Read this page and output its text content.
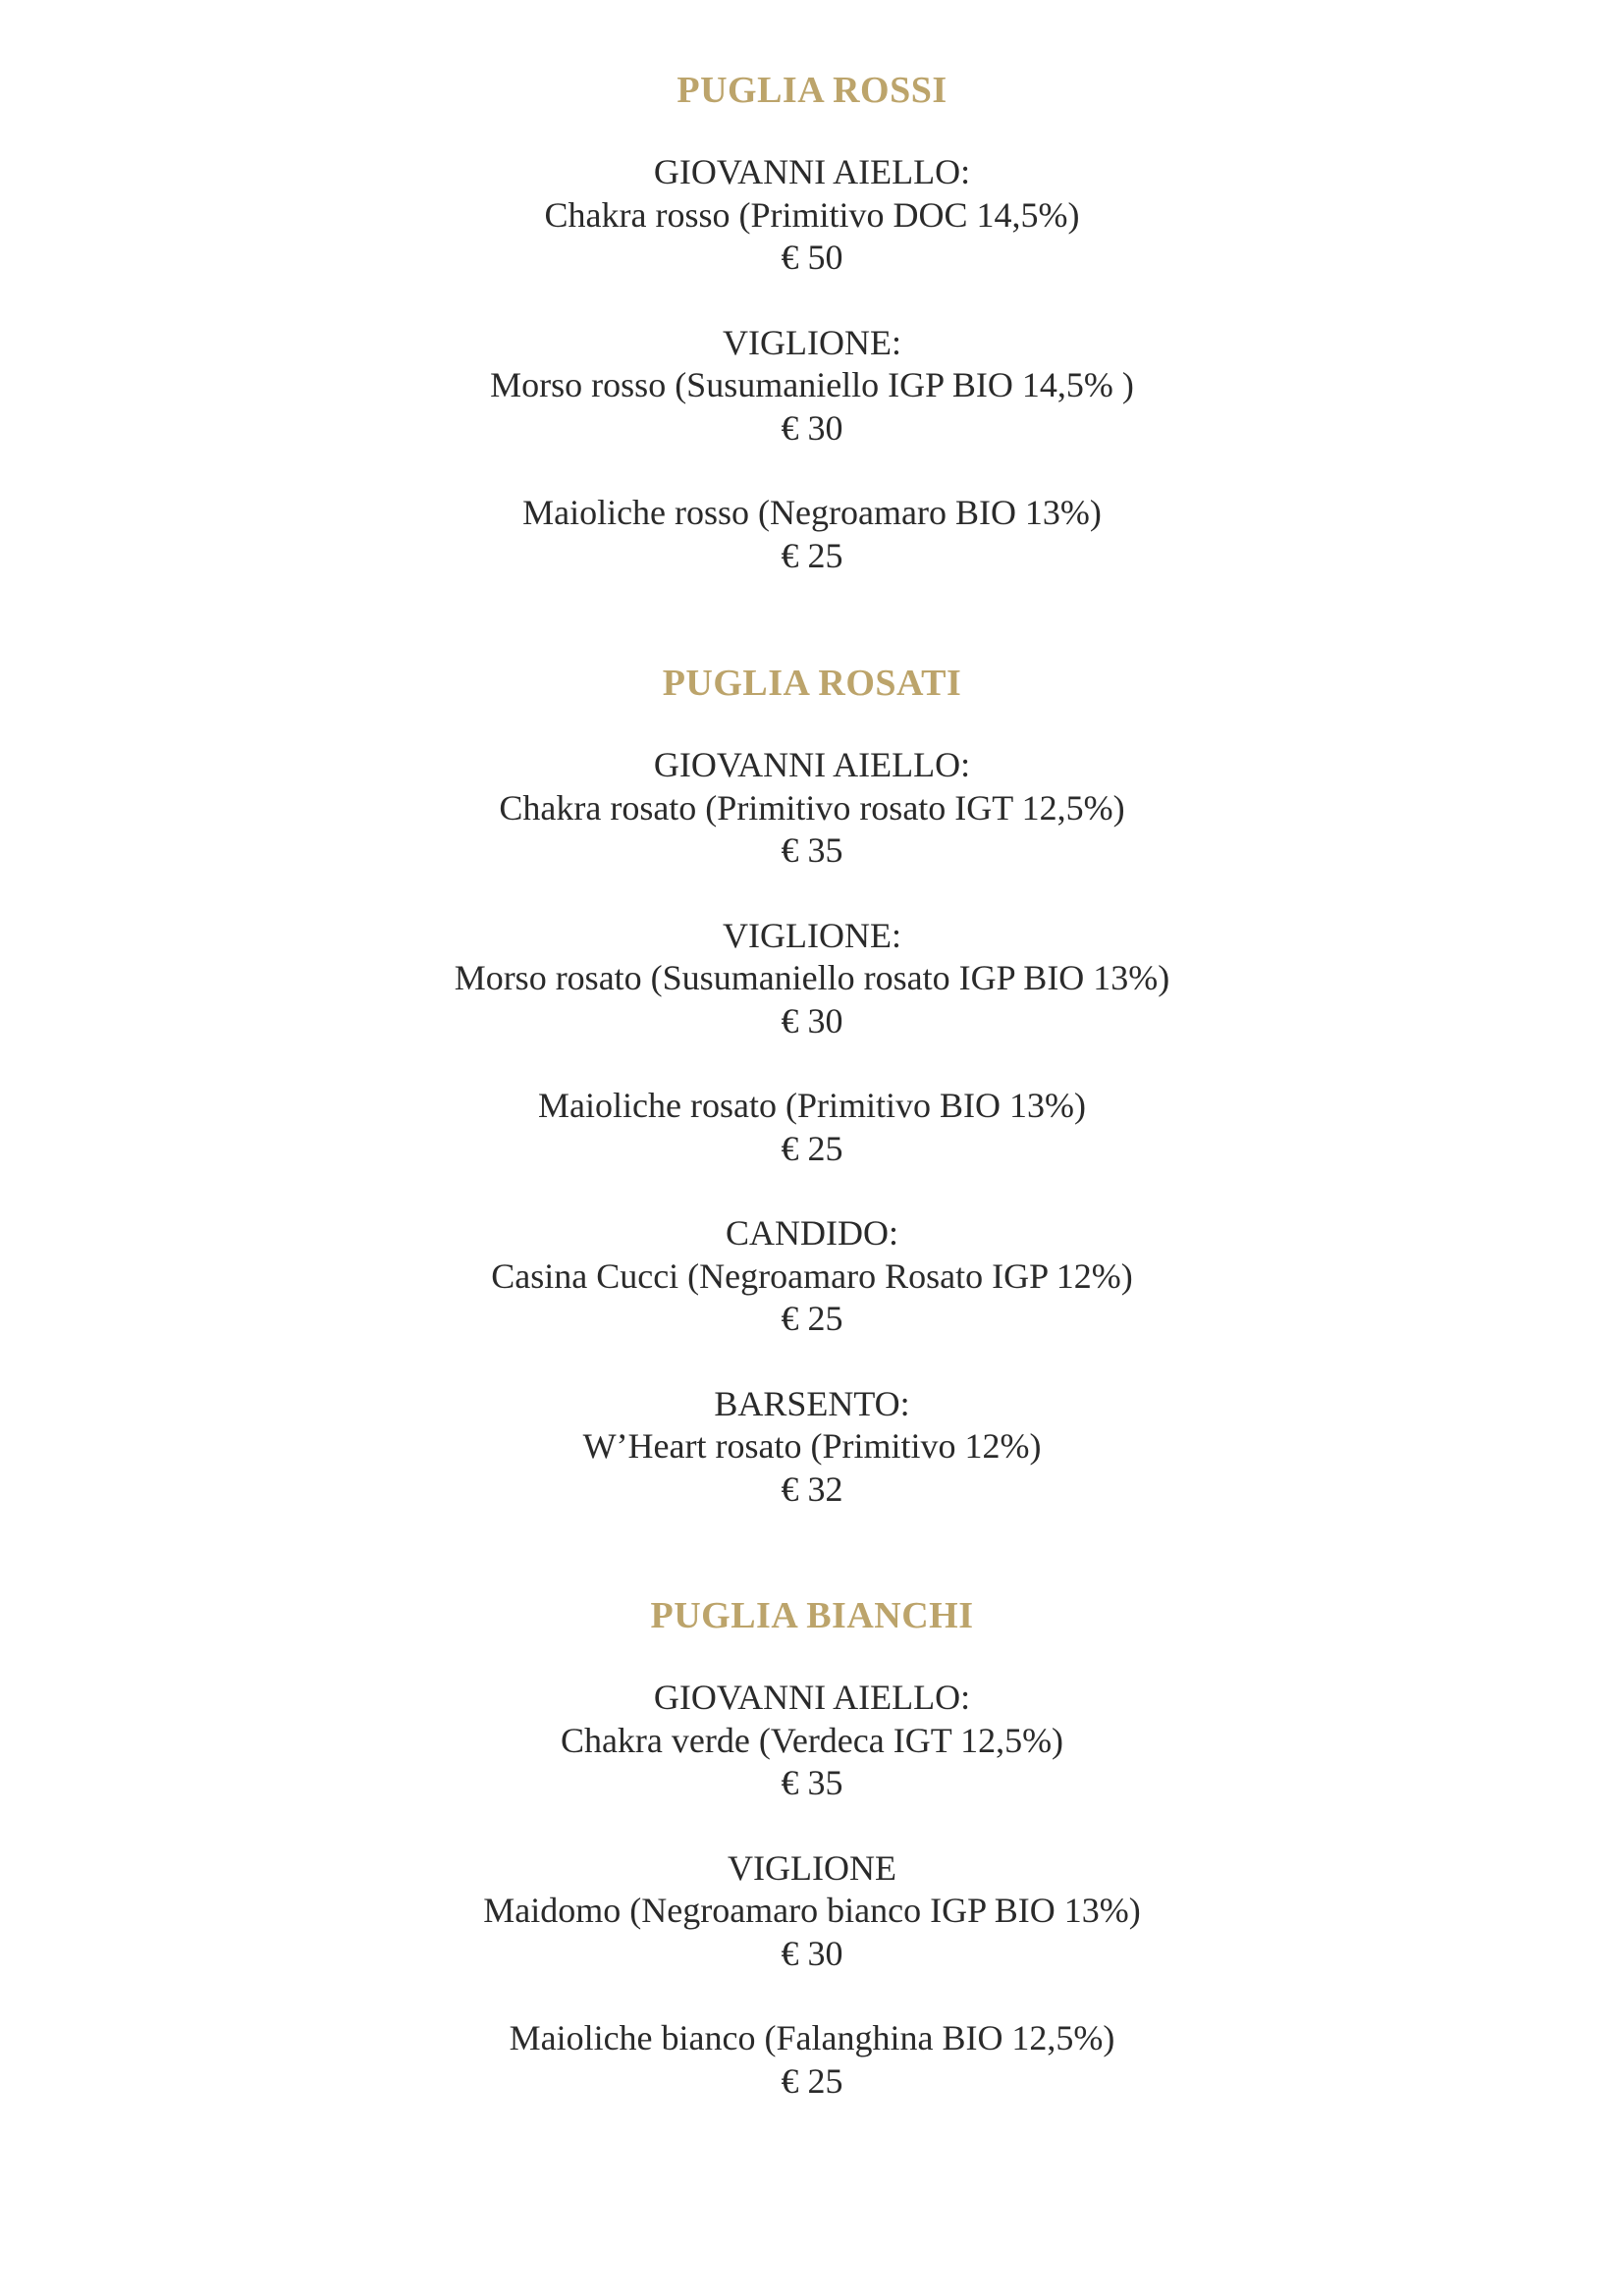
PUGLIA ROSSI
GIOVANNI AIELLO:
Chakra rosso (Primitivo DOC 14,5%)
€ 50
VIGLIONE:
Morso rosso (Susumaniello IGP BIO 14,5% )
€ 30
Maioliche rosso (Negroamaro BIO 13%)
€ 25
PUGLIA ROSATI
GIOVANNI AIELLO:
Chakra rosato (Primitivo rosato IGT 12,5%)
€ 35
VIGLIONE:
Morso rosato (Susumaniello rosato IGP BIO 13%)
€ 30
Maioliche rosato (Primitivo BIO 13%)
€ 25
CANDIDO:
Casina Cucci (Negroamaro Rosato IGP 12%)
€ 25
BARSENTO:
W’Heart rosato (Primitivo 12%)
€ 32
PUGLIA BIANCHI
GIOVANNI AIELLO:
Chakra verde (Verdeca IGT 12,5%)
€ 35
VIGLIONE
Maidomo (Negroamaro bianco IGP BIO 13%)
€ 30
Maioliche bianco (Falanghina BIO 12,5%)
€ 25
